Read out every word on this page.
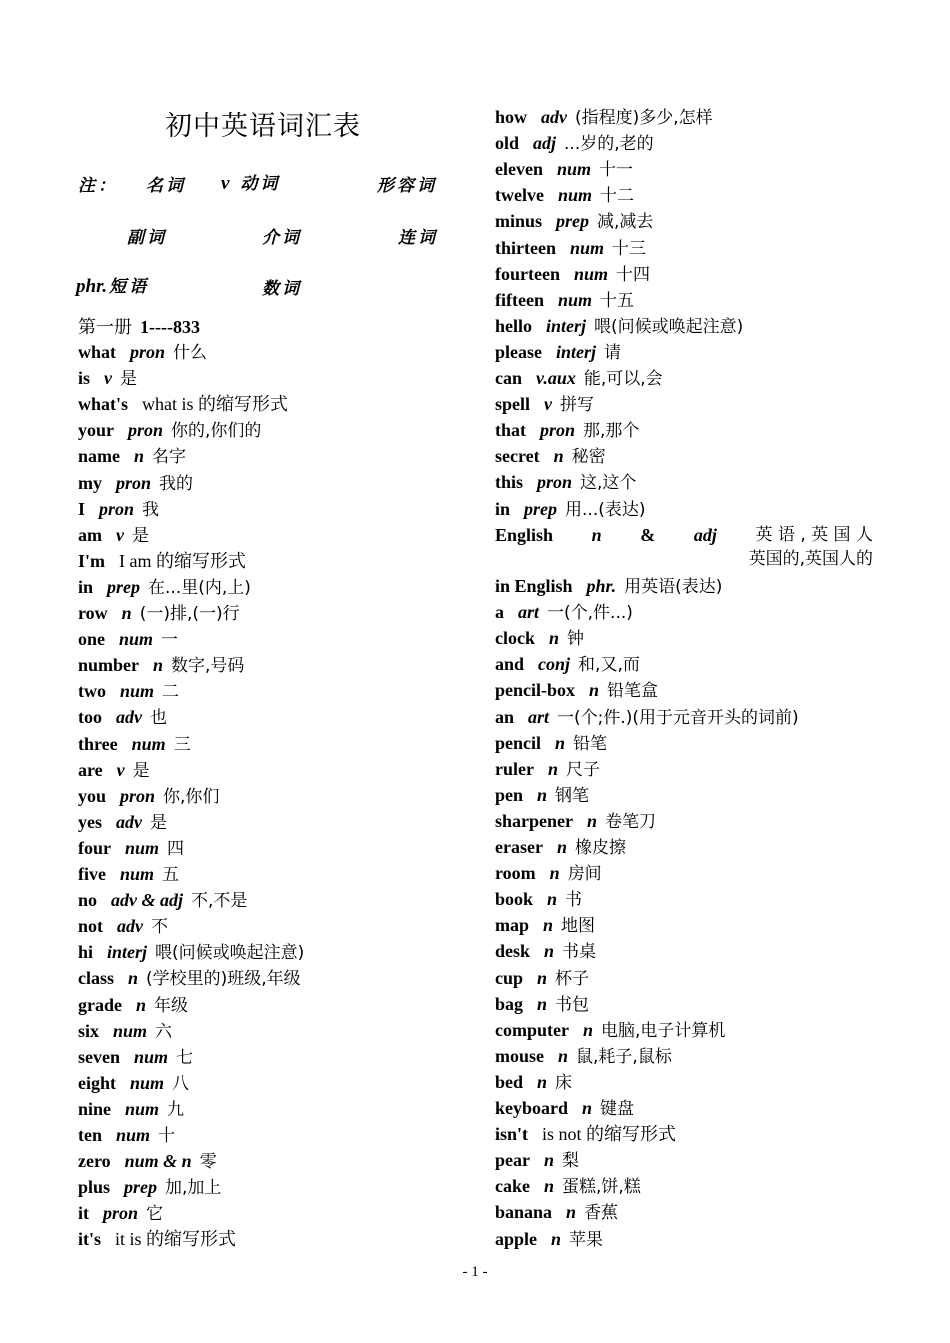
初中英语词汇表
注： 名词 v 动词	形容词
副词	介词	连词
phr. 短语	数词
第一册 1----833
what pron 什么
is v 是
what's what is 的缩写形式
your pron 你的,你们的
name n 名字
my pron 我的
I pron 我
am v 是
I'm I am 的缩写形式
in prep 在...里(内,上)
row n (一)排,(一)行
one num 一
number n 数字,号码
two num 二
too adv 也
three num 三
are v 是
you pron 你,你们
yes adv 是
four num 四
five num 五
no adv & adj 不,不是
not adv 不
hi interj 喂(问候或唤起注意)
class n (学校里的)班级,年级
grade n 年级
six num 六
seven num 七
eight num 八
nine num 九
ten num 十
zero num & n 零
plus prep 加,加上
it pron 它
it's it is 的缩写形式
how adv (指程度)多少,怎样
old adj ...岁的,老的
eleven num 十一
twelve num 十二
minus prep 减,减去
thirteen num 十三
fourteen num 十四
fifteen num 十五
hello interj 喂(问候或唤起注意)
please interj 请
can v.aux 能,可以,会
spell v 拼写
that pron 那,那个
secret n 秘密
this pron 这,这个
in prep 用...(表达)
in English phr. 用英语(表达)
a art 一(个,件...)
clock n 钟
and conj 和,又,而
pencil-box n 铅笔盒
an art 一(个;件.)(用于元音开头的词前)
pencil n 铅笔
ruler n 尺子
pen n 钢笔
sharpener n 卷笔刀
eraser n 橡皮擦
room n 房间
book n 书
map n 地图
desk n 书桌
cup n 杯子
bag n 书包
computer n 电脑,电子计算机
mouse n 鼠,耗子,鼠标
bed n 床
keyboard n 键盘
isn't is not 的缩写形式
pear n 梨
cake n 蛋糕,饼,糕
banana n 香蕉
apple n 苹果
English n & adj 英 语 , 英 国 人
英国的,英国人的
- 1 -
